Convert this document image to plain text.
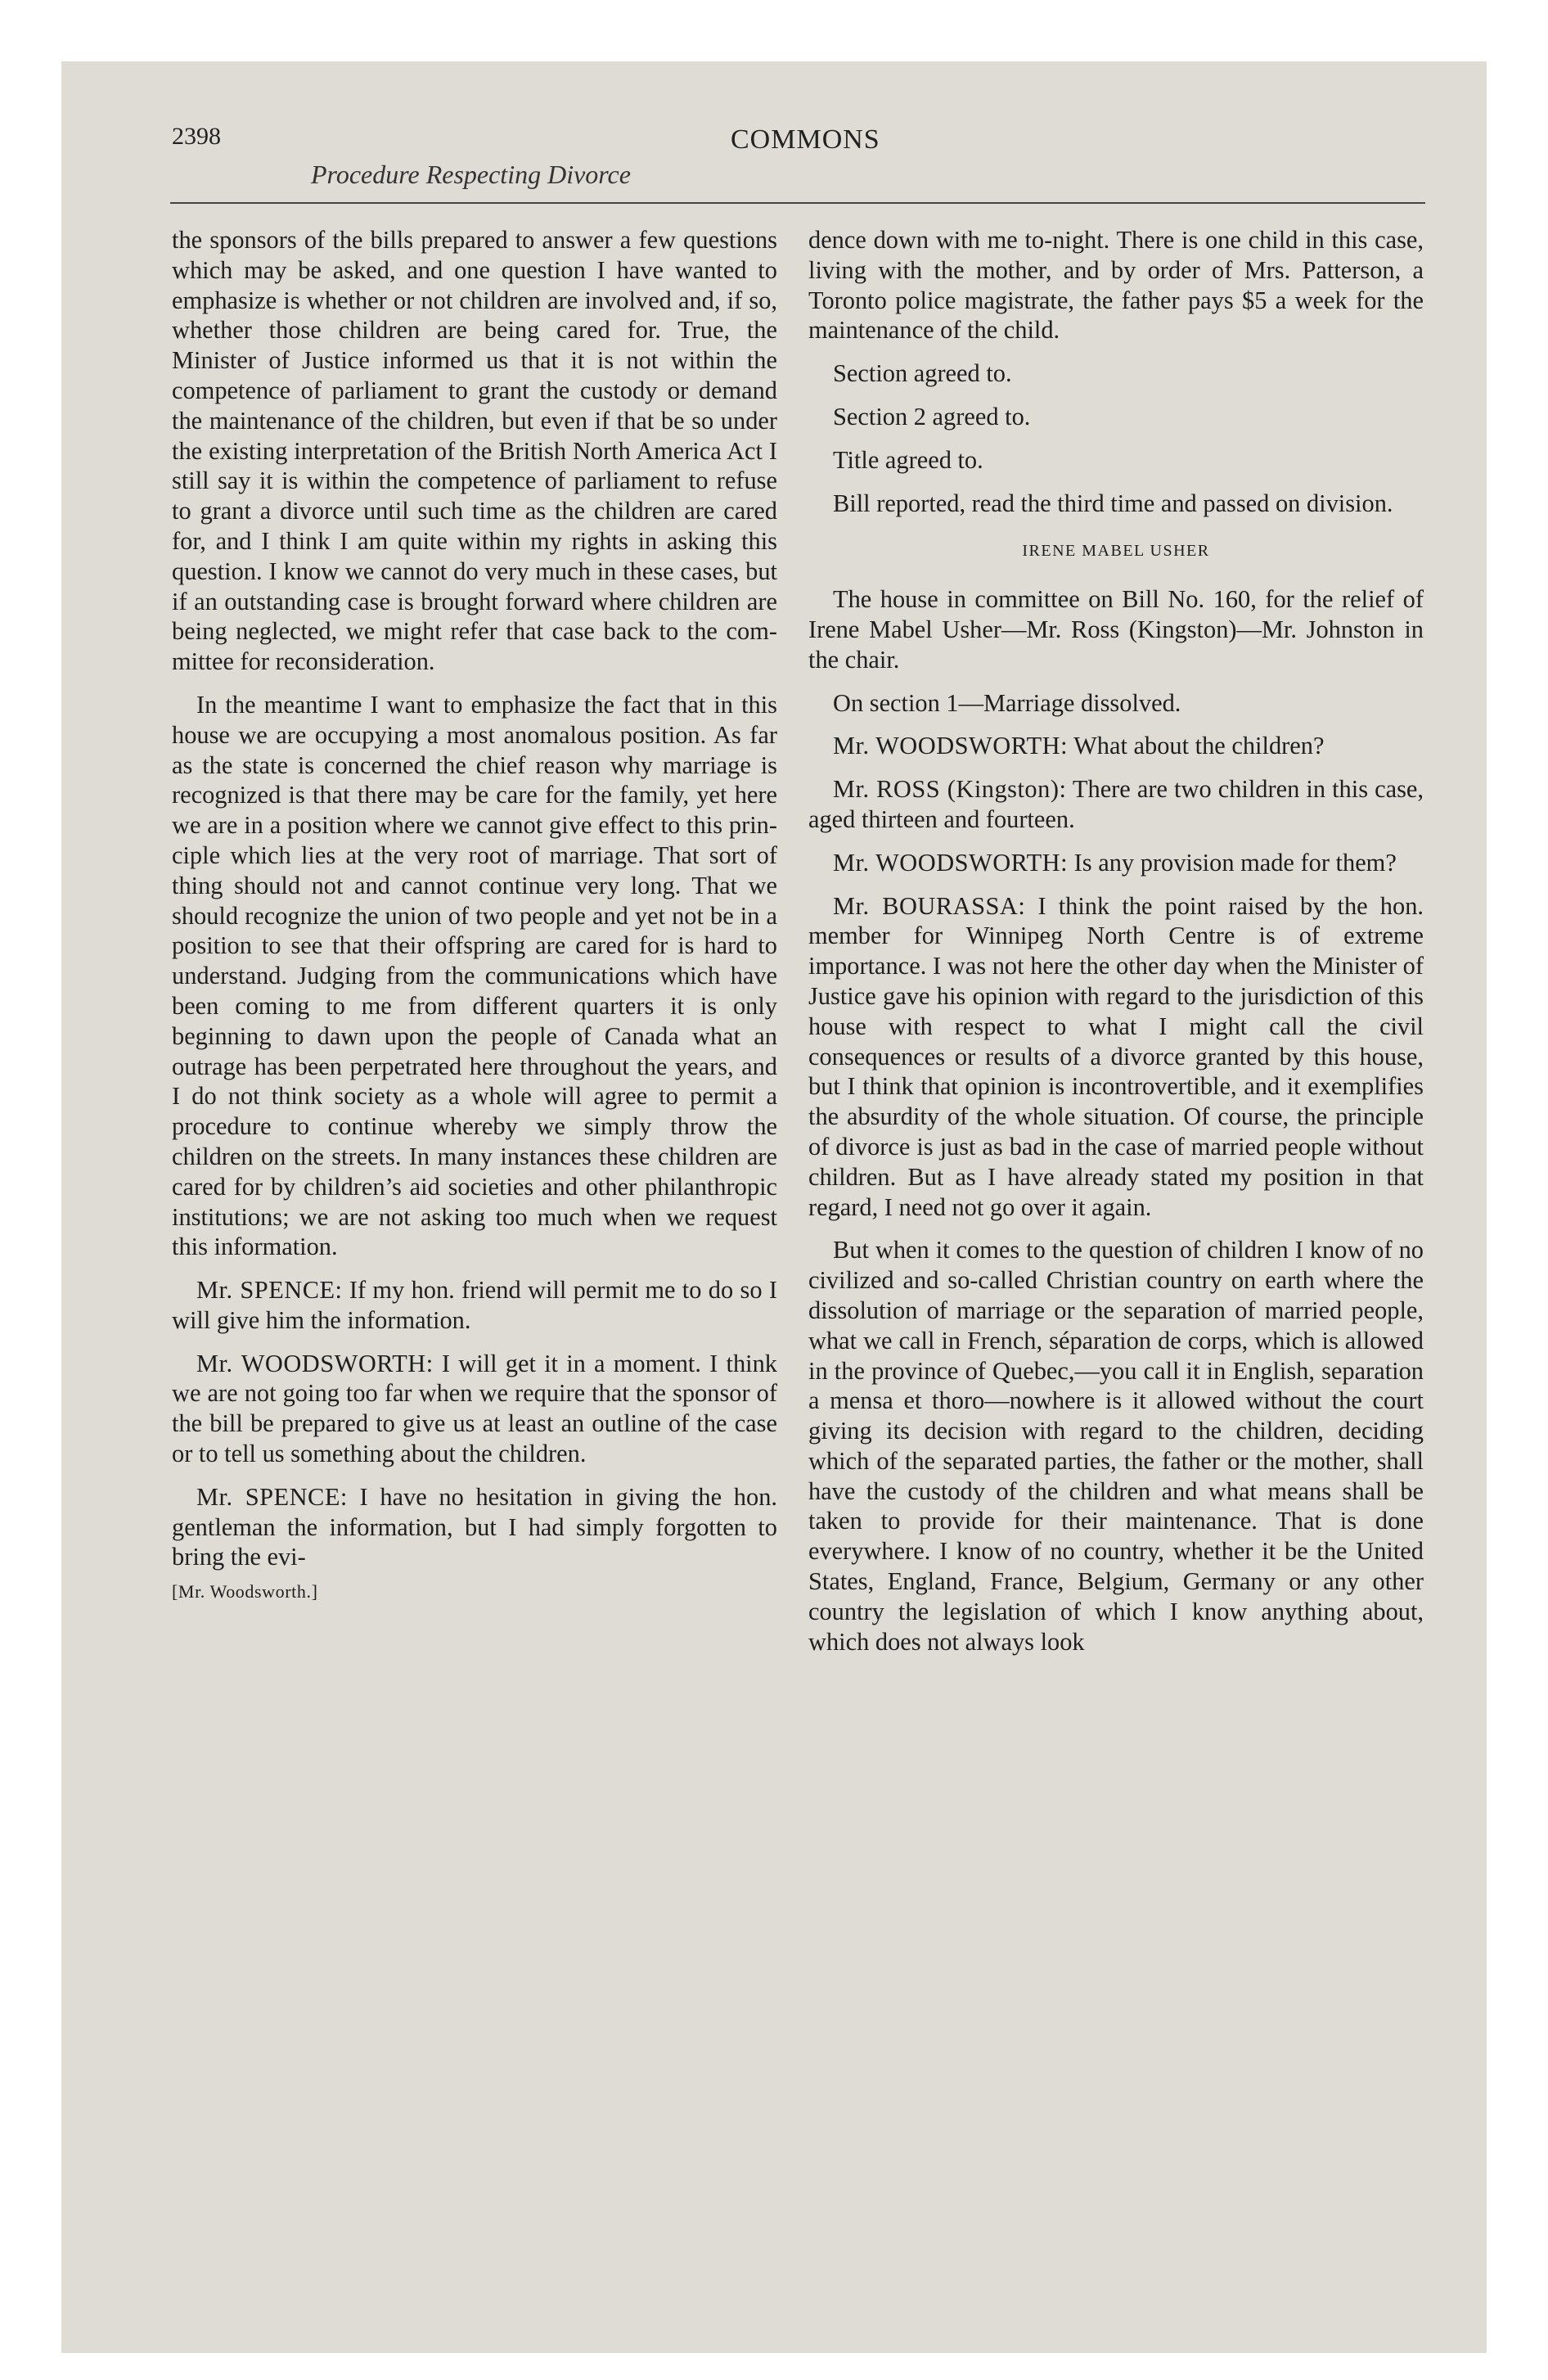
2398	COMMONS
Procedure Respecting Divorce

the sponsors of the bills prepared to answer a few questions which may be asked, and one question I have wanted to emphasize is whether or not children are involved and, if so, whether those children are being cared for. True, the Minister of Justice informed us that it is not within the competence of parliament to grant the custody or demand the maintenance of the children, but even if that be so under the existing interpretation of the British North America Act I still say it is within the competence of parliament to refuse to grant a divorce until such time as the children are cared for, and I think I am quite within my rights in asking this question. I know we cannot do very much in these cases, but if an outstanding case is brought forward where children are being neglected, we might refer that case back to the committee for reconsideration.

In the meantime I want to emphasize the fact that in this house we are occupying a most anomalous position. As far as the state is concerned the chief reason why marriage is recognized is that there may be care for the family, yet here we are in a position where we cannot give effect to this principle which lies at the very root of marriage. That sort of thing should not and cannot continue very long. That we should recognize the union of two people and yet not be in a position to see that their offspring are cared for is hard to understand. Judging from the communications which have been coming to me from different quarters it is only beginning to dawn upon the people of Canada what an outrage has been perpetrated here throughout the years, and I do not think society as a whole will agree to permit a procedure to continue whereby we simply throw the children on the streets. In many instances these children are cared for by children’s aid societies and other philanthropic institutions; we are not asking too much when we request this information.

Mr. SPENCE: If my hon. friend will permit me to do so I will give him the information.

Mr. WOODSWORTH: I will get it in a moment. I think we are not going too far when we require that the sponsor of the bill be prepared to give us at least an outline of the case or to tell us something about the children.

Mr. SPENCE: I have no hesitation in giving the hon. gentleman the information, but I had simply forgotten to bring the evi-

[Mr. Woodsworth.]

dence down with me to-night. There is one child in this case, living with the mother, and by order of Mrs. Patterson, a Toronto police magistrate, the father pays $5 a week for the maintenance of the child.

Section agreed to.

Section 2 agreed to.

Title agreed to.

Bill reported, read the third time and passed on division.

IRENE MABEL USHER

The house in committee on Bill No. 160, for the relief of Irene Mabel Usher—Mr. Ross (Kingston)—Mr. Johnston in the chair.

On section 1—Marriage dissolved.

Mr. WOODSWORTH: What about the children?

Mr. ROSS (Kingston): There are two children in this case, aged thirteen and fourteen.

Mr. WOODSWORTH: Is any provision made for them?

Mr. BOURASSA: I think the point raised by the hon. member for Winnipeg North Centre is of extreme importance. I was not here the other day when the Minister of Justice gave his opinion with regard to the jurisdiction of this house with respect to what I might call the civil consequences or results of a divorce granted by this house, but I think that opinion is incontrovertible, and it exemplifies the absurdity of the whole situation. Of course, the principle of divorce is just as bad in the case of married people without children. But as I have already stated my position in that regard, I need not go over it again.

But when it comes to the question of children I know of no civilized and so-called Christian country on earth where the dissolution of marriage or the separation of married people, what we call in French, séparation de corps, which is allowed in the province of Quebec,—you call it in English, separation a mensa et thoro—nowhere is it allowed without the court giving its decision with regard to the children, deciding which of the separated parties, the father or the mother, shall have the custody of the children and what means shall be taken to provide for their maintenance. That is done everywhere. I know of no country, whether it be the United States, England, France, Belgium, Germany or any other country the legislation of which I know anything about, which does not always look
